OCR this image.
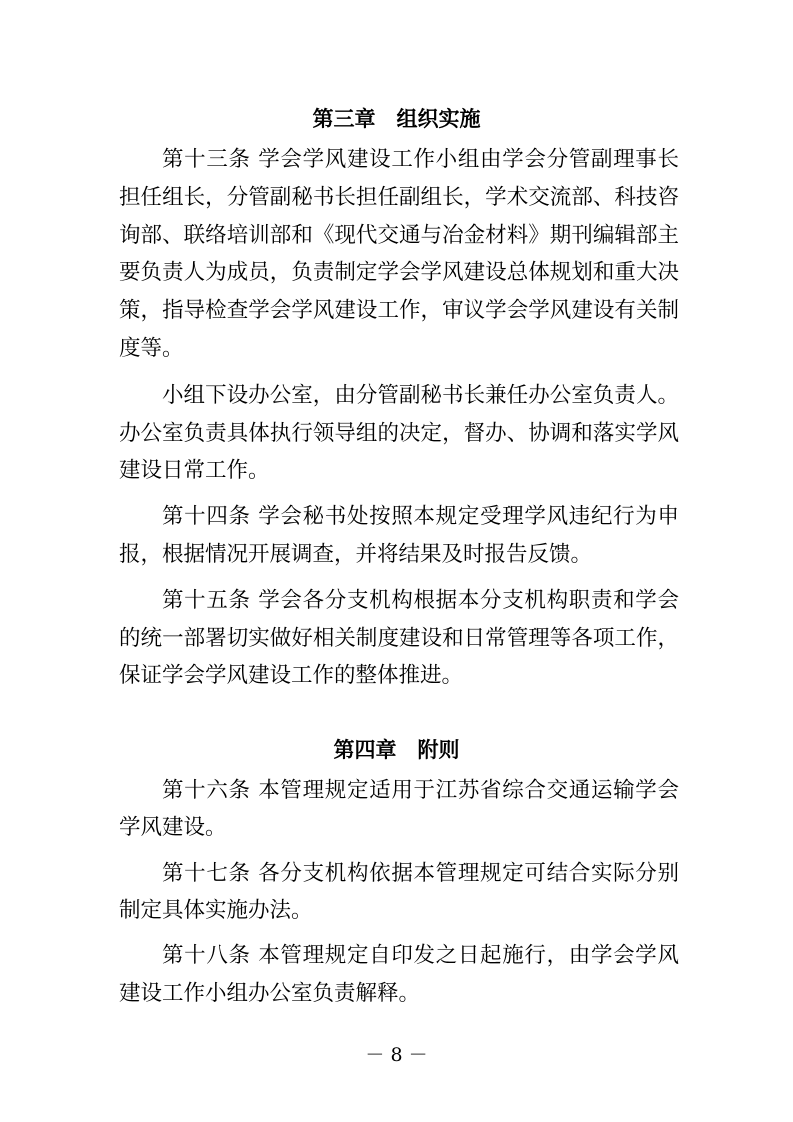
第三章　组织实施

第十三条 学会学风建设工作小组由学会分管副理事长

担任组长，分管副秘书长担任副组长，学术交流部、科技咨

询部、联络培训部和《现代交通与冶金材料》期刊编辑部主

要负责人为成员，负责制定学会学风建设总体规划和重大决

策，指导检查学会学风建设工作，审议学会学风建设有关制

度等。

小组下设办公室，由分管副秘书长兼任办公室负责人。

办公室负责具体执行领导组的决定，督办、协调和落实学风

建设日常工作。

第十四条 学会秘书处按照本规定受理学风违纪行为申

报，根据情况开展调查，并将结果及时报告反馈。

第十五条 学会各分支机构根据本分支机构职责和学会

的统一部署切实做好相关制度建设和日常管理等各项工作，

保证学会学风建设工作的整体推进。

第四章　附则

第十六条 本管理规定适用于江苏省综合交通运输学会

学风建设。

第十七条 各分支机构依据本管理规定可结合实际分别

制定具体实施办法。

第十八条 本管理规定自印发之日起施行，由学会学风

建设工作小组办公室负责解释。

－ 8 －
